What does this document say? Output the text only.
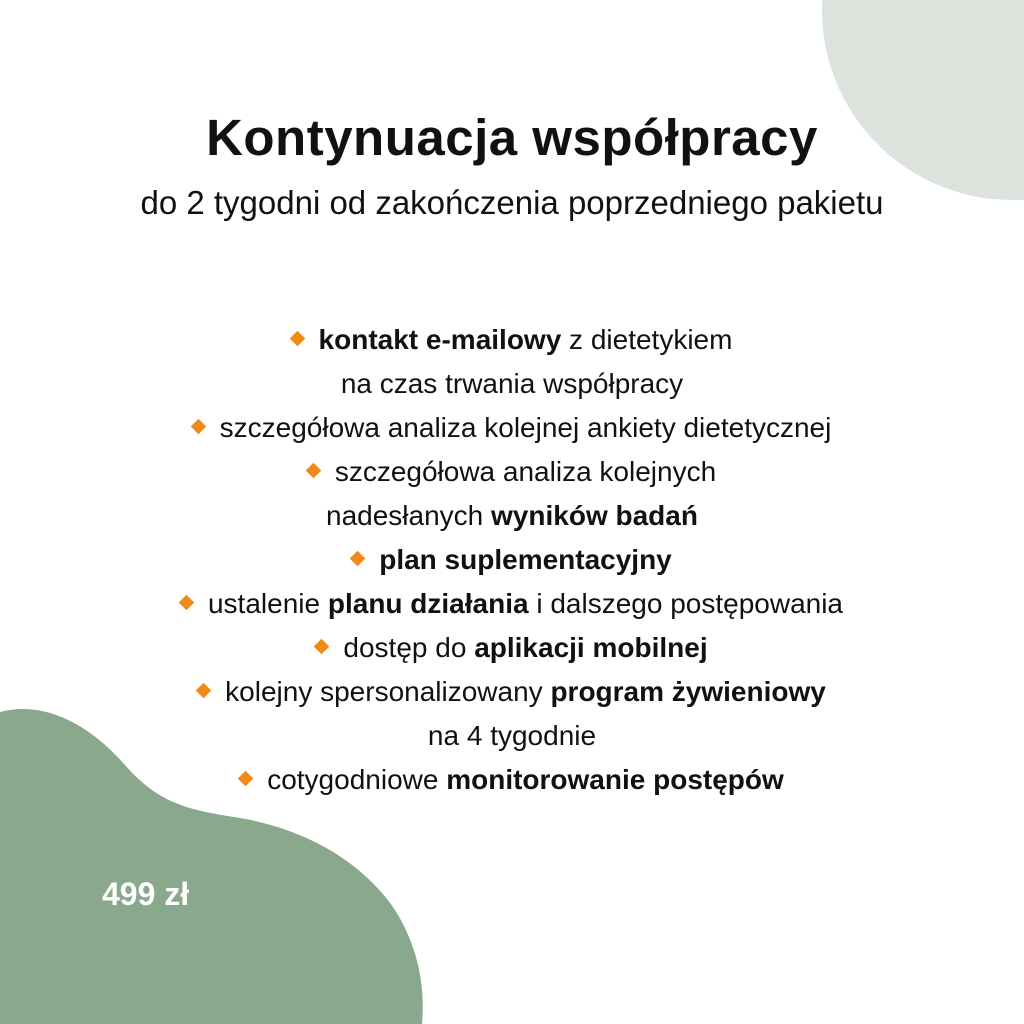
Kontynuacja współpracy
do 2 tygodni od zakończenia poprzedniego pakietu
kontakt e-mailowy z dietetykiem
na czas trwania współpracy
szczegółowa analiza kolejnej ankiety dietetycznej
szczegółowa analiza kolejnych
nadesłanych wyników badań
plan suplementacyjny
ustalenie planu działania i dalszego postępowania
dostęp do aplikacji mobilnej
kolejny spersonalizowany program żywieniowy
na 4 tygodnie
cotygodniowe monitorowanie postępów
499 zł
